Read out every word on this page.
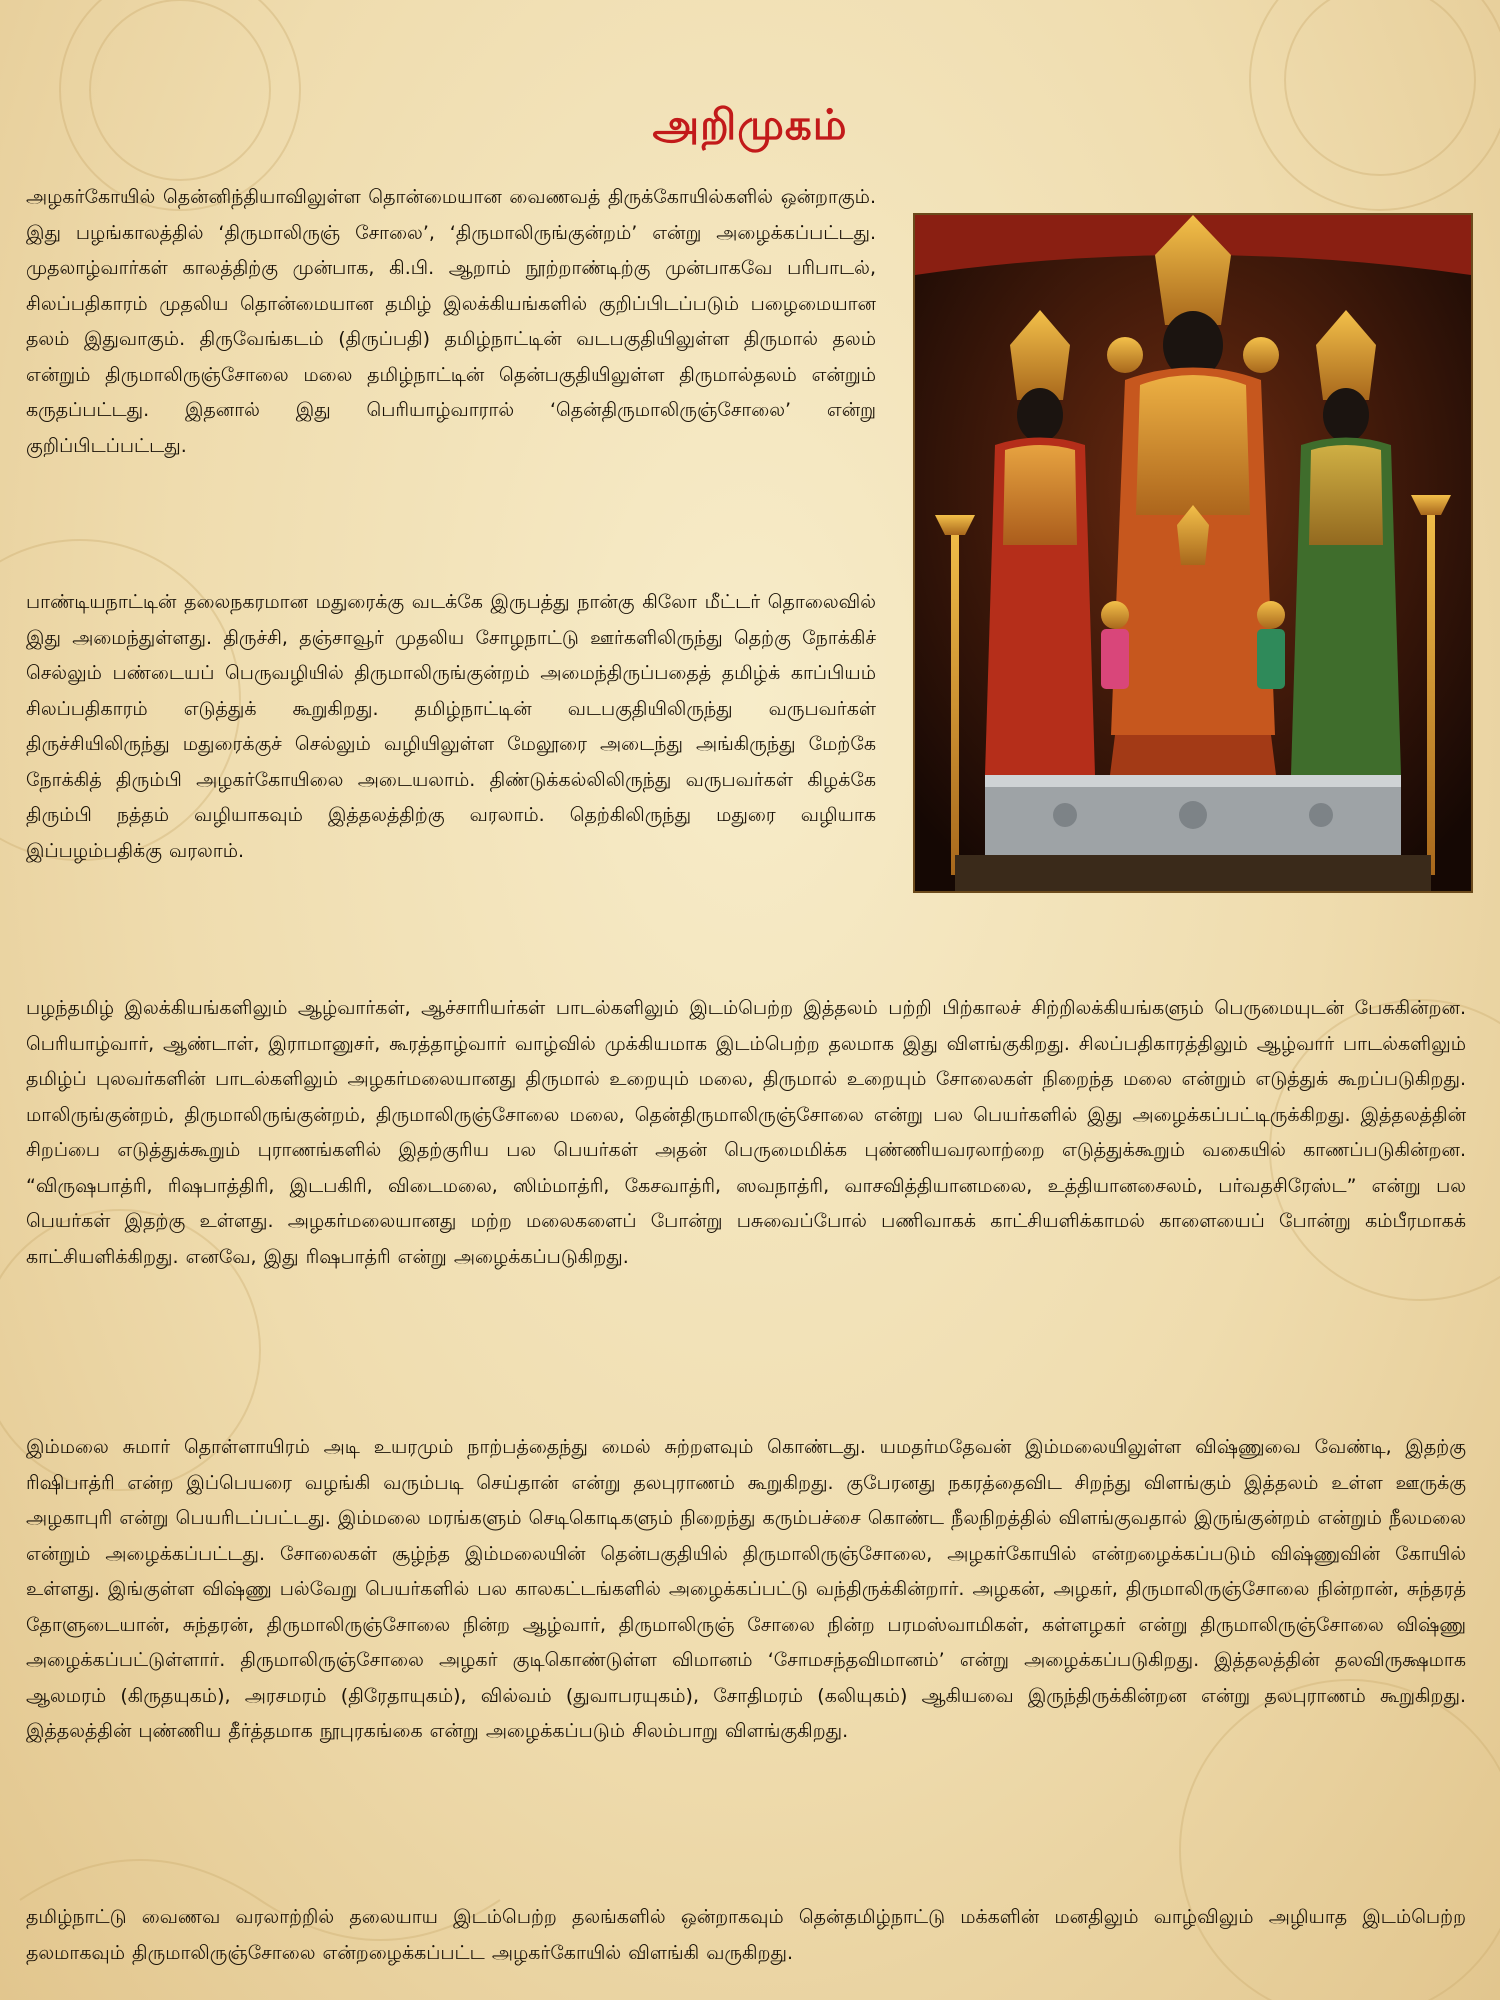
அறிமுகம்

அழகர்கோயில் தென்னிந்தியாவிலுள்ள தொன்மையான வைணவத் திருக்கோயில்களில் ஒன்றாகும். இது பழங்காலத்தில் ‘திருமாலிருஞ் சோலை’, ‘திருமாலிருங்குன்றம்’ என்று அழைக்கப்பட்டது. முதலாழ்வார்கள் காலத்திற்கு முன்பாக, கி.பி. ஆறாம் நூற்றாண்டிற்கு முன்பாகவே பரிபாடல், சிலப்பதிகாரம் முதலிய தொன்மையான தமிழ் இலக்கியங்களில் குறிப்பிடப்படும் பழைமையான தலம் இதுவாகும். திருவேங்கடம் (திருப்பதி) தமிழ்நாட்டின் வடபகுதியிலுள்ள திருமால் தலம் என்றும் திருமாலிருஞ்சோலை மலை தமிழ்நாட்டின் தென்பகுதியிலுள்ள திருமால்தலம் என்றும் கருதப்பட்டது. இதனால் இது பெரியாழ்வாரால் ‘தென்திருமாலிருஞ்சோலை’ என்று குறிப்பிடப்பட்டது.

பாண்டியநாட்டின் தலைநகரமான மதுரைக்கு வடக்கே இருபத்து நான்கு கிலோ மீட்டர் தொலைவில் இது அமைந்துள்ளது. திருச்சி, தஞ்சாவூர் முதலிய சோழநாட்டு ஊர்களிலிருந்து தெற்கு நோக்கிச் செல்லும் பண்டையப் பெருவழியில் திருமாலிருங்குன்றம் அமைந்திருப்பதைத் தமிழ்க் காப்பியம் சிலப்பதிகாரம் எடுத்துக் கூறுகிறது. தமிழ்நாட்டின் வடபகுதியிலிருந்து வருபவர்கள் திருச்சியிலிருந்து மதுரைக்குச் செல்லும் வழியிலுள்ள மேலூரை அடைந்து அங்கிருந்து மேற்கே நோக்கித் திரும்பி அழகர்கோயிலை அடையலாம். திண்டுக்கல்லிலிருந்து வருபவர்கள் கிழக்கே திரும்பி நத்தம் வழியாகவும் இத்தலத்திற்கு வரலாம். தெற்கிலிருந்து மதுரை வழியாக இப்பழம்பதிக்கு வரலாம்.

பழந்தமிழ் இலக்கியங்களிலும் ஆழ்வார்கள், ஆச்சாரியர்கள் பாடல்களிலும் இடம்பெற்ற இத்தலம் பற்றி பிற்காலச் சிற்றிலக்கியங்களும் பெருமையுடன் பேசுகின்றன. பெரியாழ்வார், ஆண்டாள், இராமானுசர், கூரத்தாழ்வார் வாழ்வில் முக்கியமாக இடம்பெற்ற தலமாக இது விளங்குகிறது. சிலப்பதிகாரத்திலும் ஆழ்வார் பாடல்களிலும் தமிழ்ப் புலவர்களின் பாடல்களிலும் அழகர்மலையானது திருமால் உறையும் மலை, திருமால் உறையும் சோலைகள் நிறைந்த மலை என்றும் எடுத்துக் கூறப்படுகிறது. மாலிருங்குன்றம், திருமாலிருங்குன்றம், திருமாலிருஞ்சோலை மலை, தென்திருமாலிருஞ்சோலை என்று பல பெயர்களில் இது அழைக்கப்பட்டிருக்கிறது. இத்தலத்தின் சிறப்பை எடுத்துக்கூறும் புராணங்களில் இதற்குரிய பல பெயர்கள் அதன் பெருமைமிக்க புண்ணியவரலாற்றை எடுத்துக்கூறும் வகையில் காணப்படுகின்றன. “விருஷபாத்ரி, ரிஷபாத்திரி, இடபகிரி, விடைமலை, ஸிம்மாத்ரி, கேசவாத்ரி, ஸவநாத்ரி, வாசவித்தியானமலை, உத்தியானசைலம், பர்வதசிரேஸ்ட” என்று பல பெயர்கள் இதற்கு உள்ளது. அழகர்மலையானது மற்ற மலைகளைப் போன்று பசுவைப்போல் பணிவாகக் காட்சியளிக்காமல் காளையைப் போன்று கம்பீரமாகக் காட்சியளிக்கிறது. எனவே, இது ரிஷபாத்ரி என்று அழைக்கப்படுகிறது.

இம்மலை சுமார் தொள்ளாயிரம் அடி உயரமும் நாற்பத்தைந்து மைல் சுற்றளவும் கொண்டது. யமதர்மதேவன் இம்மலையிலுள்ள விஷ்ணுவை வேண்டி, இதற்கு ரிஷிபாத்ரி என்ற இப்பெயரை வழங்கி வரும்படி செய்தான் என்று தலபுராணம் கூறுகிறது. குபேரனது நகரத்தைவிட சிறந்து விளங்கும் இத்தலம் உள்ள ஊருக்கு அழகாபுரி என்று பெயரிடப்பட்டது. இம்மலை மரங்களும் செடிகொடிகளும் நிறைந்து கரும்பச்சை கொண்ட நீலநிறத்தில் விளங்குவதால் இருங்குன்றம் என்றும் நீலமலை என்றும் அழைக்கப்பட்டது. சோலைகள் சூழ்ந்த இம்மலையின் தென்பகுதியில் திருமாலிருஞ்சோலை, அழகர்கோயில் என்றழைக்கப்படும் விஷ்ணுவின் கோயில் உள்ளது. இங்குள்ள விஷ்ணு பல்வேறு பெயர்களில் பல காலகட்டங்களில் அழைக்கப்பட்டு வந்திருக்கின்றார். அழகன், அழகர், திருமாலிருஞ்சோலை நின்றான், சுந்தரத் தோளுடையான், சுந்தரன், திருமாலிருஞ்சோலை நின்ற ஆழ்வார், திருமாலிருஞ் சோலை நின்ற பரமஸ்வாமிகள், கள்ளழகர் என்று திருமாலிருஞ்சோலை விஷ்ணு அழைக்கப்பட்டுள்ளார். திருமாலிருஞ்சோலை அழகர் குடிகொண்டுள்ள விமானம் ‘சோமசந்தவிமானம்’ என்று அழைக்கப்படுகிறது. இத்தலத்தின் தலவிருக்ஷமாக ஆலமரம் (கிருதயுகம்), அரசமரம் (திரேதாயுகம்), வில்வம் (துவாபரயுகம்), சோதிமரம் (கலியுகம்) ஆகியவை இருந்திருக்கின்றன என்று தலபுராணம் கூறுகிறது. இத்தலத்தின் புண்ணிய தீர்த்தமாக நூபுரகங்கை என்று அழைக்கப்படும் சிலம்பாறு விளங்குகிறது.

தமிழ்நாட்டு வைணவ வரலாற்றில் தலையாய இடம்பெற்ற தலங்களில் ஒன்றாகவும் தென்தமிழ்நாட்டு மக்களின் மனதிலும் வாழ்விலும் அழியாத இடம்பெற்ற தலமாகவும் திருமாலிருஞ்சோலை என்றழைக்கப்பட்ட அழகர்கோயில் விளங்கி வருகிறது.
